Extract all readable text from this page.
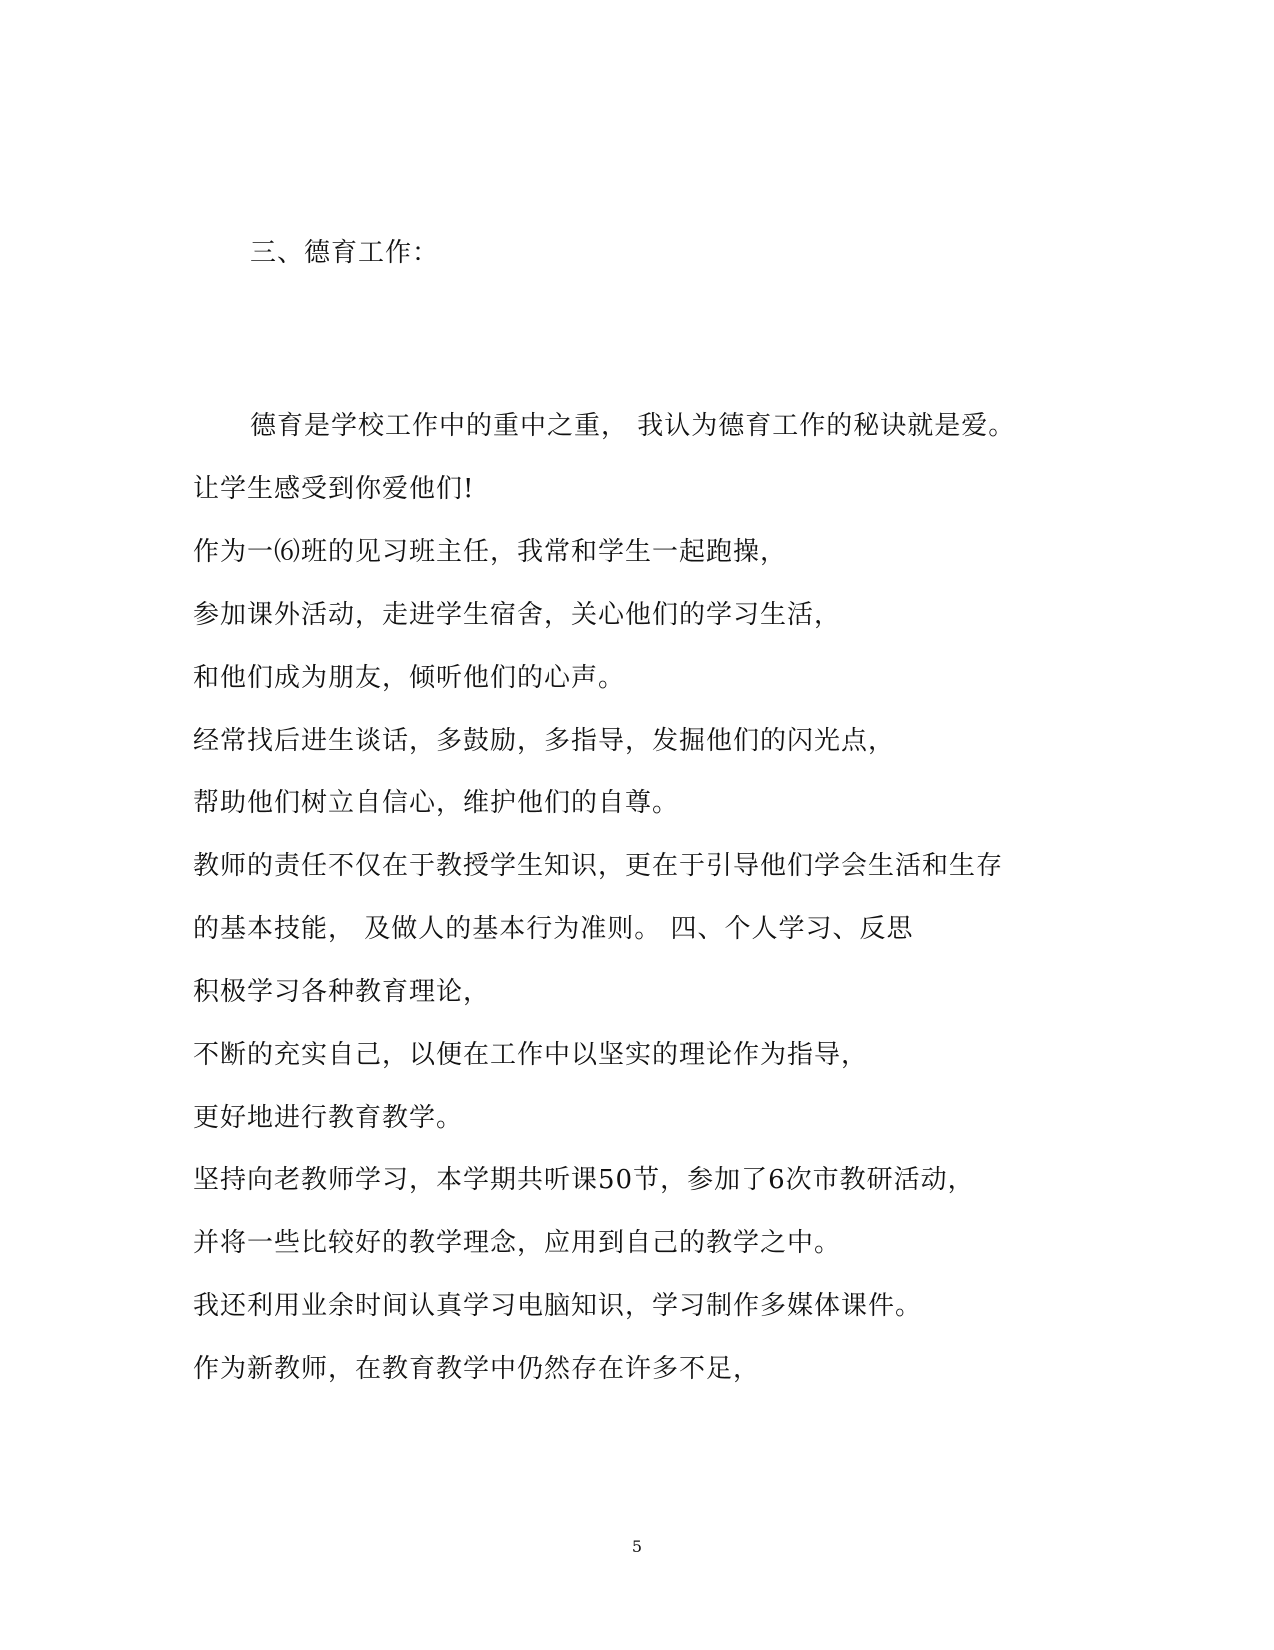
三、德育工作：
德育是学校工作中的重中之重， 我认为德育工作的秘诀就是爱。
让学生感受到你爱他们!
作为一⑹班的见习班主任，我常和学生一起跑操，
参加课外活动，走进学生宿舍，关心他们的学习生活，
和他们成为朋友，倾听他们的心声。
经常找后进生谈话，多鼓励，多指导，发掘他们的闪光点，
帮助他们树立自信心，维护他们的自尊。
教师的责任不仅在于教授学生知识，更在于引导他们学会生活和生存
的基本技能， 及做人的基本行为准则。 四、个人学习、反思
积极学习各种教育理论，
不断的充实自己，以便在工作中以坚实的理论作为指导，
更好地进行教育教学。
坚持向老教师学习，本学期共听课50节，参加了6次市教研活动，
并将一些比较好的教学理念，应用到自己的教学之中。
我还利用业余时间认真学习电脑知识，学习制作多媒体课件。
作为新教师，在教育教学中仍然存在许多不足，
5
